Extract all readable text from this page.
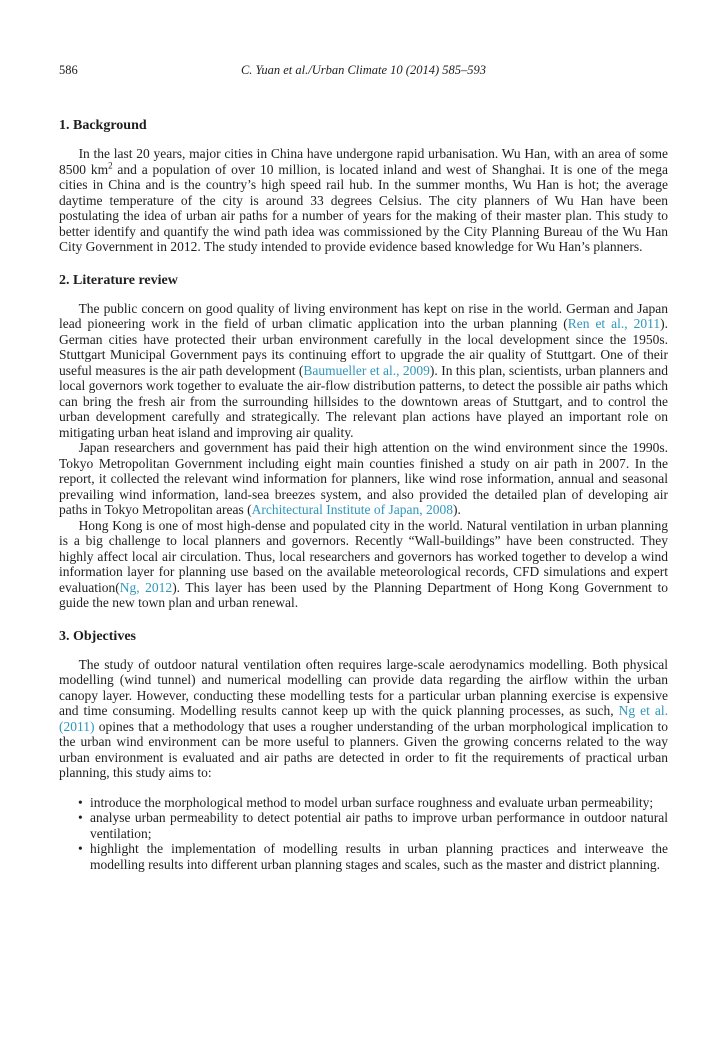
586	C. Yuan et al./Urban Climate 10 (2014) 585–593
1. Background

In the last 20 years, major cities in China have undergone rapid urbanisation. Wu Han, with an area of some 8500 $km^2$ and a population of over 10 million, is located inland and west of Shanghai. It is one of the mega cities in China and is the country’s high speed rail hub. In the summer months, Wu Han is hot; the average daytime temperature of the city is around 33 degrees Celsius. The city planners of Wu Han have been postulating the idea of urban air paths for a number of years for the making of their master plan. This study to better identify and quantify the wind path idea was commissioned by the City Planning Bureau of the Wu Han City Government in 2012. The study intended to provide evidence based knowledge for Wu Han’s planners.

2. Literature review

The public concern on good quality of living environment has kept on rise in the world. German and Japan lead pioneering work in the field of urban climatic application into the urban planning (Ren et al., 2011). German cities have protected their urban environment carefully in the local development since the 1950s. Stuttgart Municipal Government pays its continuing effort to upgrade the air quality of Stuttgart. One of their useful measures is the air path development (Baumueller et al., 2009). In this plan, scientists, urban planners and local governors work together to evaluate the air-flow distribution patterns, to detect the possible air paths which can bring the fresh air from the surrounding hillsides to the downtown areas of Stuttgart, and to control the urban development carefully and strategically. The relevant plan actions have played an important role on mitigating urban heat island and improving air quality.

Japan researchers and government has paid their high attention on the wind environment since the 1990s. Tokyo Metropolitan Government including eight main counties finished a study on air path in 2007. In the report, it collected the relevant wind information for planners, like wind rose information, annual and seasonal prevailing wind information, land-sea breezes system, and also provided the detailed plan of developing air paths in Tokyo Metropolitan areas (Architectural Institute of Japan, 2008).

Hong Kong is one of most high-dense and populated city in the world. Natural ventilation in urban planning is a big challenge to local planners and governors. Recently “Wall-buildings” have been constructed. They highly affect local air circulation. Thus, local researchers and governors has worked together to develop a wind information layer for planning use based on the available meteorological records, CFD simulations and expert evaluation(Ng, 2012). This layer has been used by the Planning Department of Hong Kong Government to guide the new town plan and urban renewal.

3. Objectives

The study of outdoor natural ventilation often requires large-scale aerodynamics modelling. Both physical modelling (wind tunnel) and numerical modelling can provide data regarding the airflow within the urban canopy layer. However, conducting these modelling tests for a particular urban planning exercise is expensive and time consuming. Modelling results cannot keep up with the quick planning processes, as such, Ng et al. (2011) opines that a methodology that uses a rougher understanding of the urban morphological implication to the urban wind environment can be more useful to planners. Given the growing concerns related to the way urban environment is evaluated and air paths are detected in order to fit the requirements of practical urban planning, this study aims to:

• introduce the morphological method to model urban surface roughness and evaluate urban permeability;
• analyse urban permeability to detect potential air paths to improve urban performance in outdoor natural ventilation;
• highlight the implementation of modelling results in urban planning practices and interweave the modelling results into different urban planning stages and scales, such as the master and district planning.
